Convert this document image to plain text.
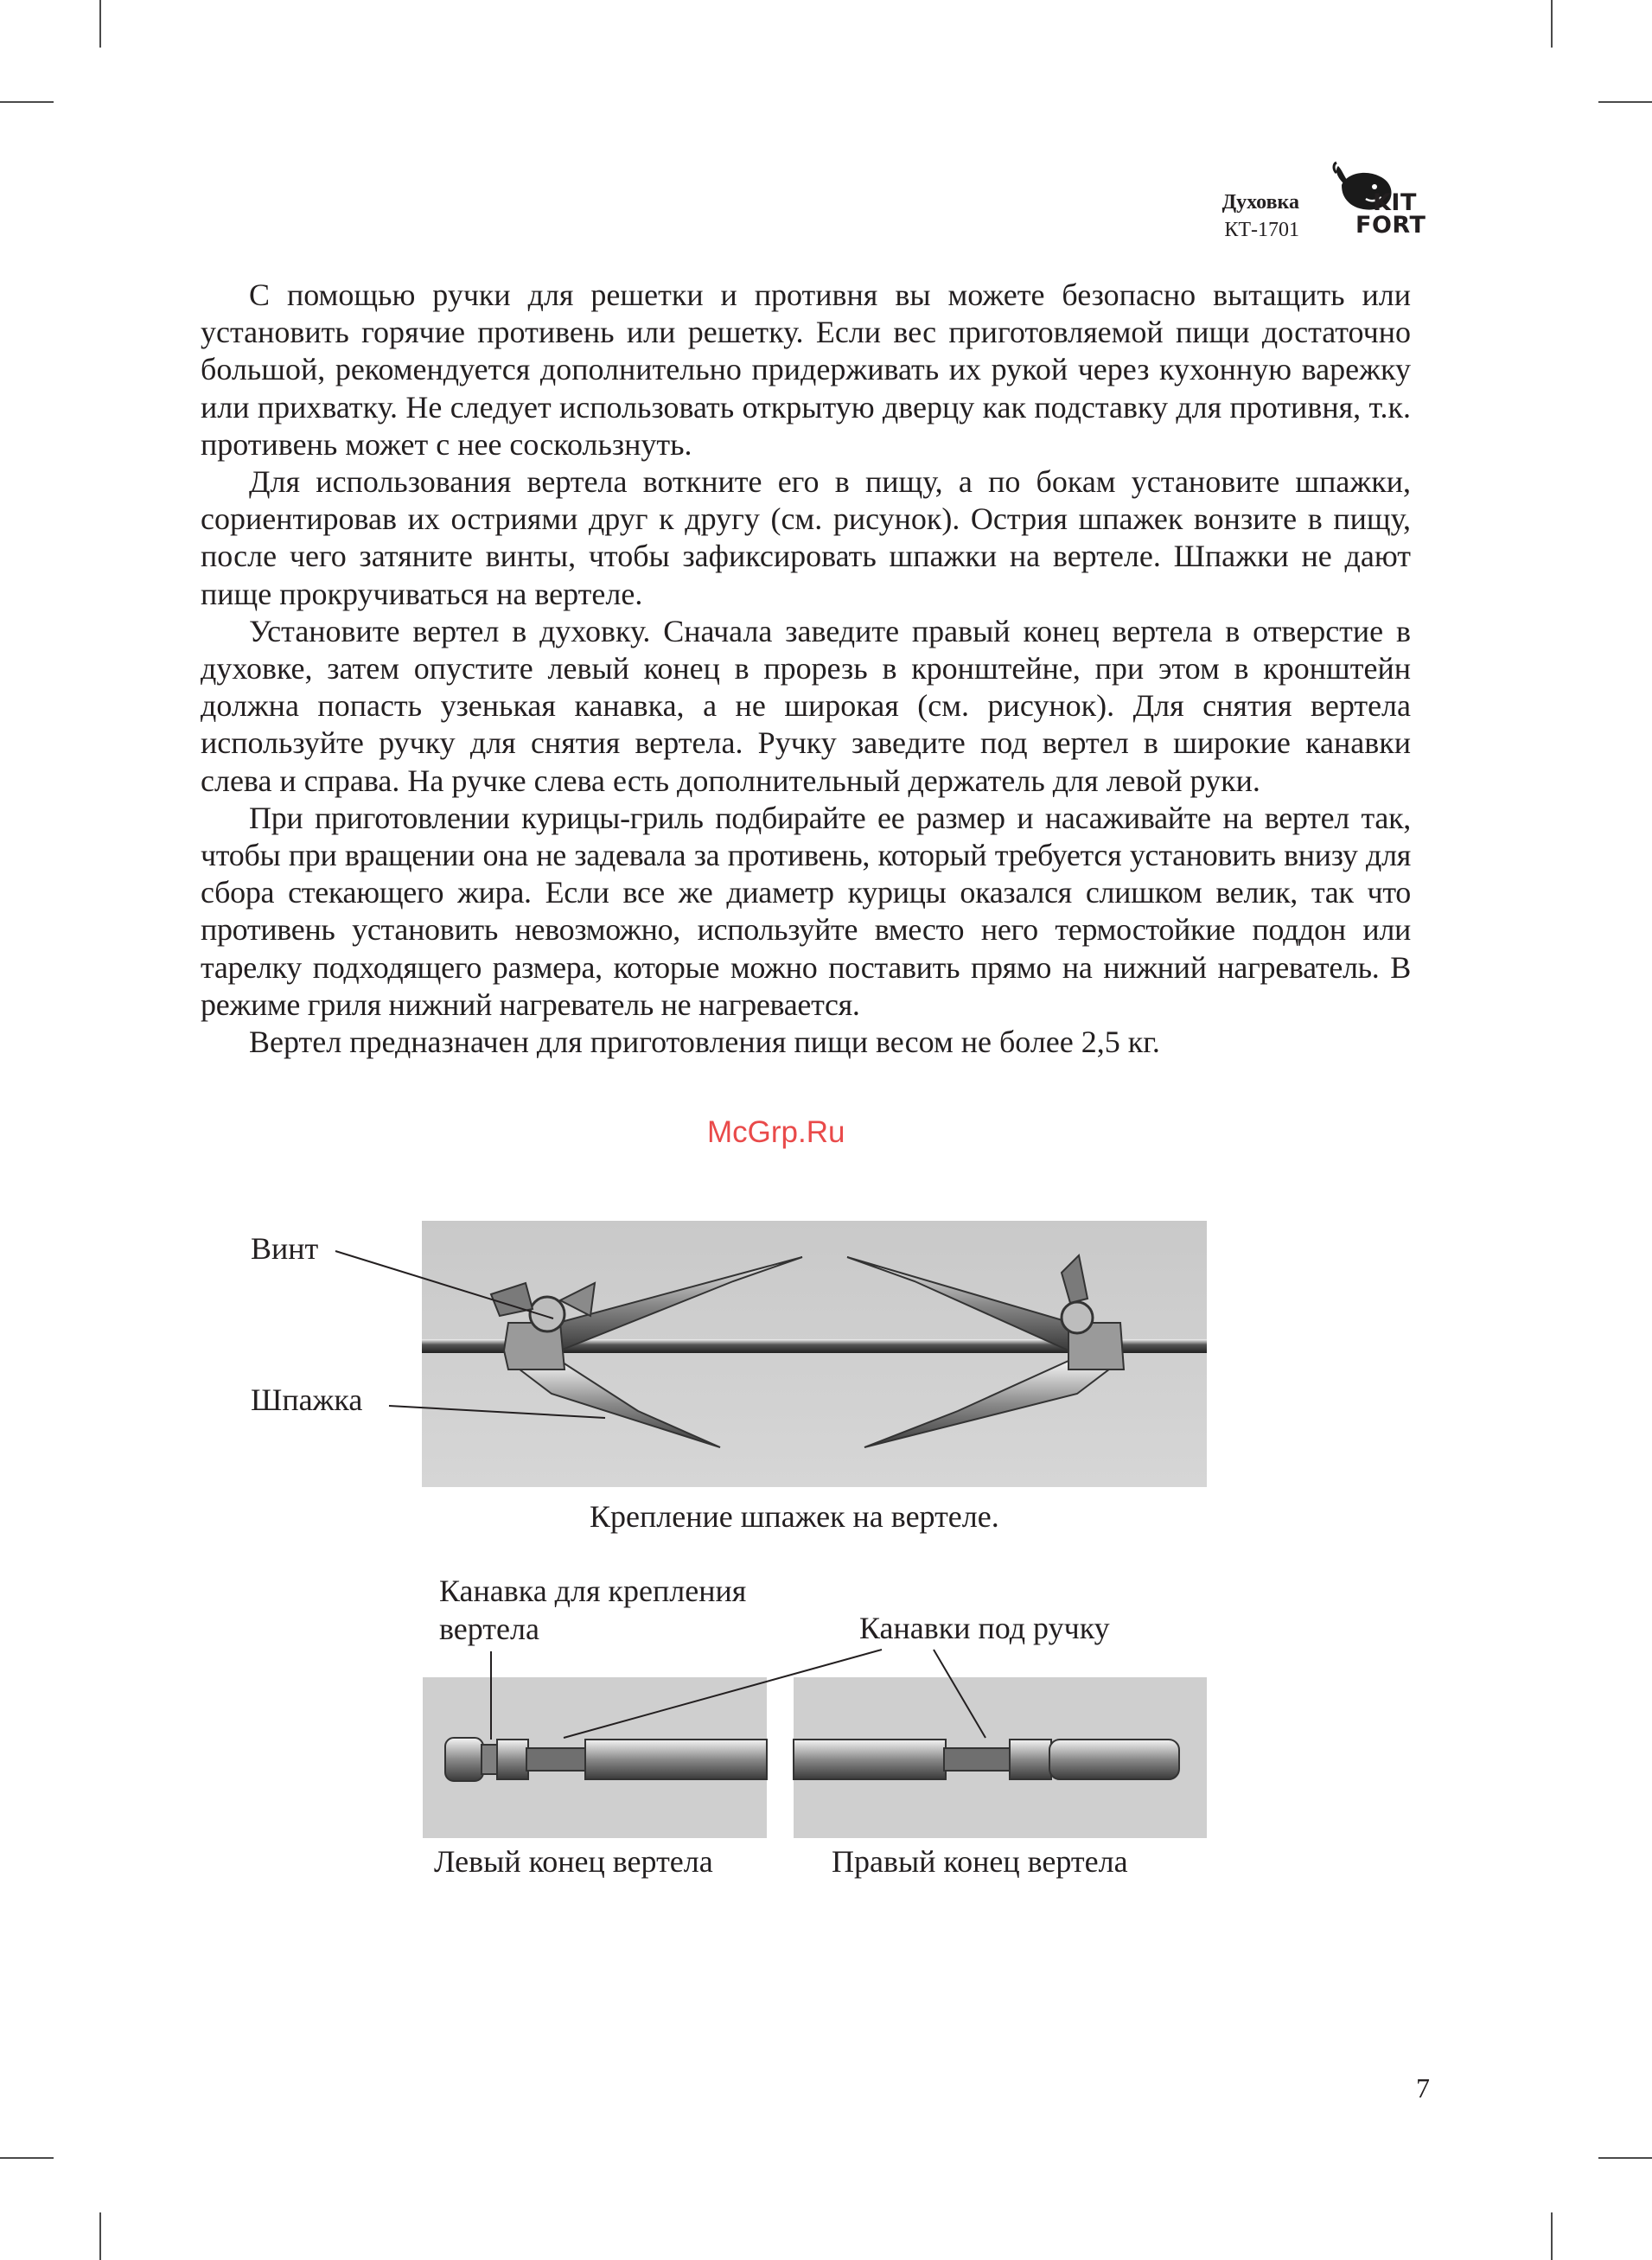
Духовка
КТ-1701
KIT
FORT

С помощью ручки для решетки и противня вы можете безопасно вытащить или установить горячие противень или решетку. Если вес приготовляемой пищи достаточно большой, рекомендуется дополнительно придерживать их рукой через кухонную варежку или прихватку. Не следует использовать открытую дверцу как подставку для противня, т.к. противень может с нее соскользнуть.

Для использования вертела воткните его в пищу, а по бокам установите шпажки, сориентировав их остриями друг к другу (см. рисунок). Острия шпажек вонзите в пищу, после чего затяните винты, чтобы зафиксировать шпажки на вертеле. Шпажки не дают пище прокручиваться на вертеле.

Установите вертел в духовку. Сначала заведите правый конец вертела в отверстие в духовке, затем опустите левый конец в прорезь в кронштейне, при этом в кронштейн должна попасть узенькая канавка, а не широкая (см. рисунок). Для снятия вертела используйте ручку для снятия вертела. Ручку заведите под вертел в широкие канавки слева и справа. На ручке слева есть дополнительный держатель для левой руки.

При приготовлении курицы-гриль подбирайте ее размер и насаживайте на вертел так, чтобы при вращении она не задевала за противень, который требуется установить внизу для сбора стекающего жира. Если все же диаметр курицы оказался слишком велик, так что противень установить невозможно, используйте вместо него термостойкие поддон или тарелку подходящего размера, которые можно поставить прямо на нижний нагреватель. В режиме гриля нижний нагреватель не нагревается.

Вертел предназначен для приготовления пищи весом не более 2,5 кг.

McGrp.Ru
Винт
Шпажка
Крепление шпажек на вертеле.
Канавка для крепления
вертела	Канавки под ручку
Левый конец вертела	Правый конец вертела
7
